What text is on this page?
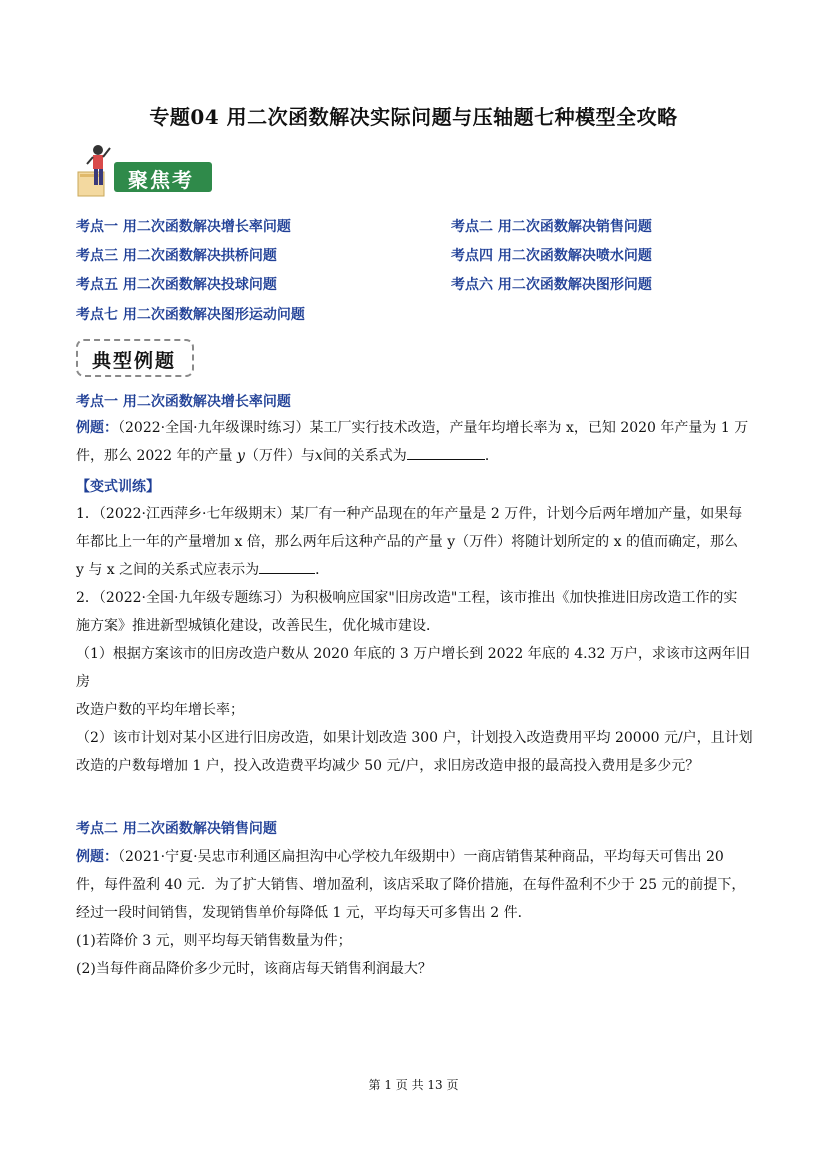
专题04 用二次函数解决实际问题与压轴题七种模型全攻略
聚焦考点
考点一 用二次函数解决增长率问题	考点二 用二次函数解决销售问题
考点三 用二次函数解决拱桥问题	考点四 用二次函数解决喷水问题
考点五 用二次函数解决投球问题	考点六 用二次函数解决图形问题
考点七 用二次函数解决图形运动问题
典型例题
考点一 用二次函数解决增长率问题
例题：（2022·全国·九年级课时练习）某工厂实行技术改造，产量年均增长率为 x，已知 2020 年产量为 1 万
件，那么 2022 年的产量 y（万件）与x间的关系式为	．
【变式训练】
1．（2022·江西萍乡·七年级期末）某厂有一种产品现在的年产量是 2 万件，计划今后两年增加产量，如果每
年都比上一年的产量增加 x 倍，那么两年后这种产品的产量 y（万件）将随计划所定的 x 的值而确定，那么
y 与 x 之间的关系式应表示为	．
2．（2022·全国·九年级专题练习）为积极响应国家"旧房改造"工程，该市推出《加快推进旧房改造工作的实
施方案》推进新型城镇化建设，改善民生，优化城市建设．
（1）根据方案该市的旧房改造户数从 2020 年底的 3 万户增长到 2022 年底的 4.32 万户，求该市这两年旧房
改造户数的平均年增长率；
（2）该市计划对某小区进行旧房改造，如果计划改造 300 户，计划投入改造费用平均 20000 元/户，且计划
改造的户数每增加 1 户，投入改造费平均减少 50 元/户，求旧房改造申报的最高投入费用是多少元？
考点二 用二次函数解决销售问题
例题：（2021·宁夏·吴忠市利通区扁担沟中心学校九年级期中）一商店销售某种商品，平均每天可售出 20
件，每件盈利 40 元．为了扩大销售、增加盈利，该店采取了降价措施，在每件盈利不少于 25 元的前提下，
经过一段时间销售，发现销售单价每降低 1 元，平均每天可多售出 2 件．
(1)若降价 3 元，则平均每天销售数量为件；
(2)当每件商品降价多少元时，该商店每天销售利润最大？
第 1 页 共 13 页
